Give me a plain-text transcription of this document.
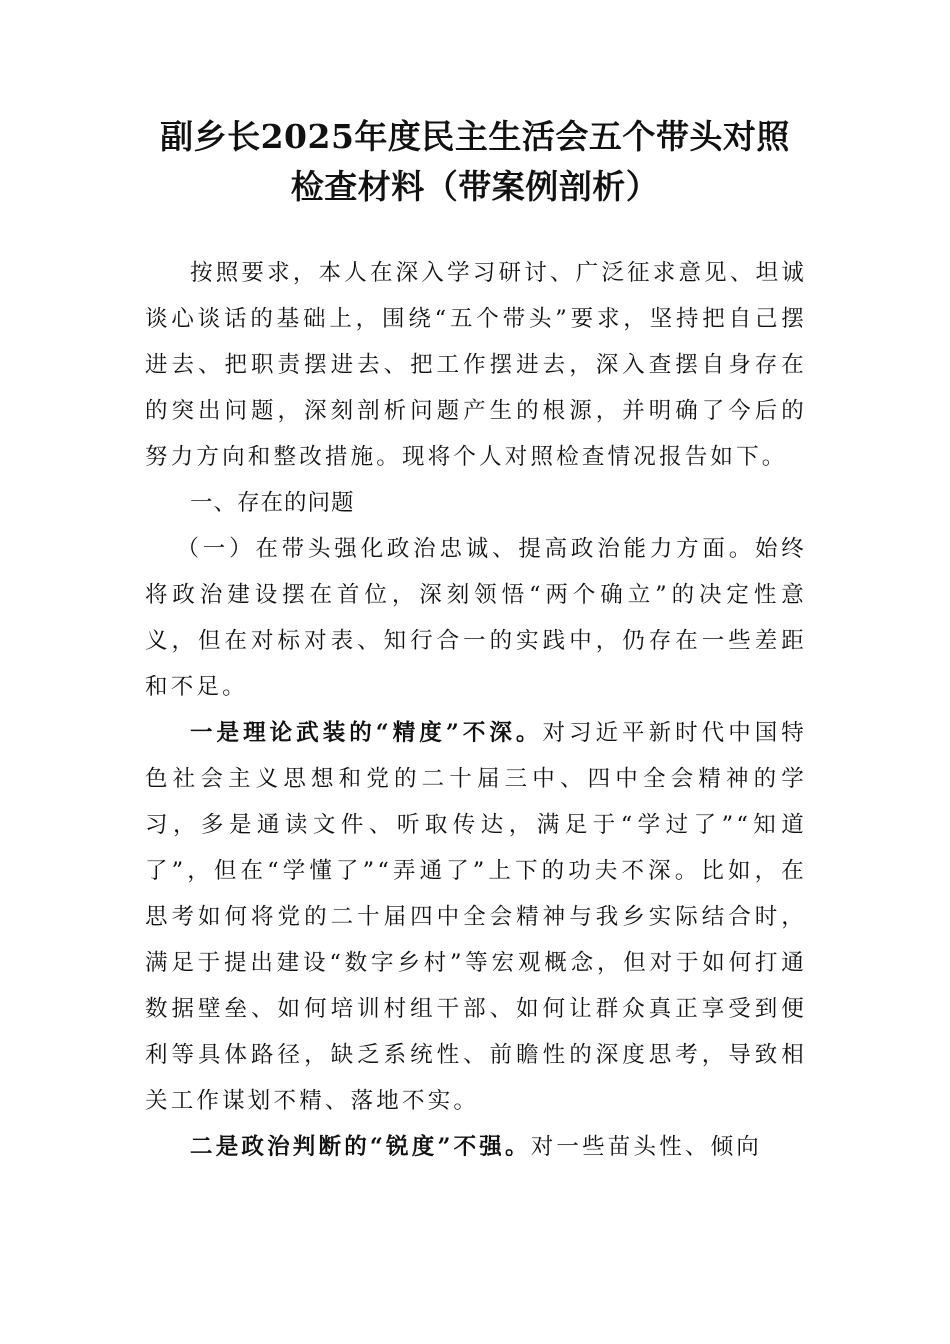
副乡长2025年度民主生活会五个带头对照
检查材料（带案例剖析）

按照要求，本人在深入学习研讨、广泛征求意见、坦诚谈心谈话的基础上，围绕“五个带头”要求，坚持把自己摆进去、把职责摆进去、把工作摆进去，深入查摆自身存在的突出问题，深刻剖析问题产生的根源，并明确了今后的努力方向和整改措施。现将个人对照检查情况报告如下。

一、存在的问题

（一）在带头强化政治忠诚、提高政治能力方面。始终将政治建设摆在首位，深刻领悟“两个确立”的决定性意义，但在对标对表、知行合一的实践中，仍存在一些差距和不足。

一是理论武装的“精度”不深。对习近平新时代中国特色社会主义思想和党的二十届三中、四中全会精神的学习，多是通读文件、听取传达，满足于“学过了”“知道了”，但在“学懂了”“弄通了”上下的功夫不深。比如，在思考如何将党的二十届四中全会精神与我乡实际结合时，满足于提出建设“数字乡村”等宏观概念，但对于如何打通数据壁垒、如何培训村组干部、如何让群众真正享受到便利等具体路径，缺乏系统性、前瞻性的深度思考，导致相关工作谋划不精、落地不实。

二是政治判断的“锐度”不强。对一些苗头性、倾向
